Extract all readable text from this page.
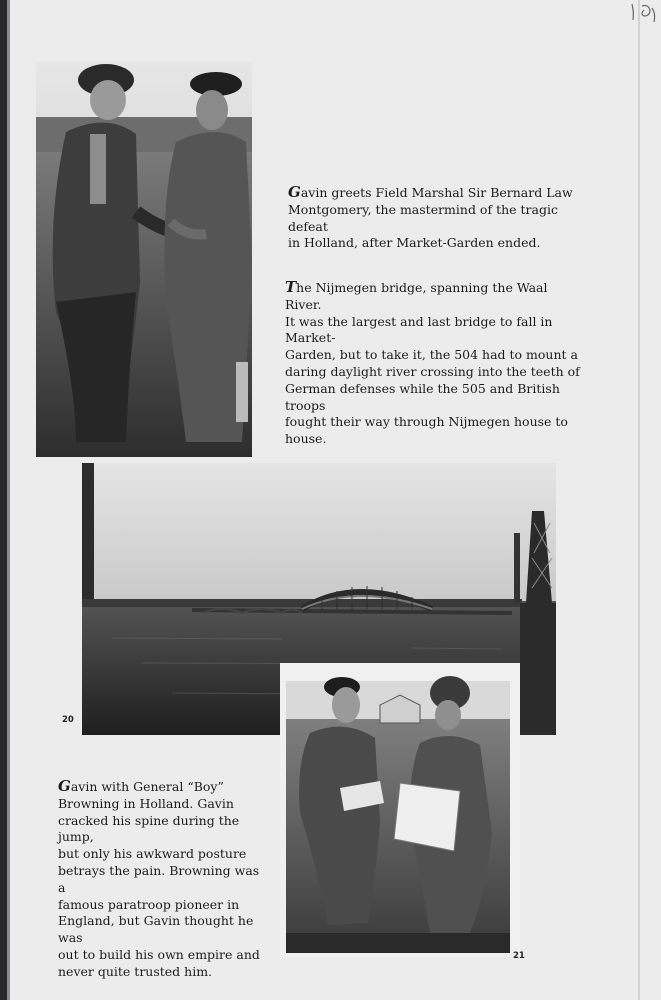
Gavin greets Field Marshal Sir Bernard Law
Montgomery, the mastermind of the tragic defeat
in Holland, after Market-Garden ended.
The Nijmegen bridge, spanning the Waal River.
It was the largest and last bridge to fall in Market-
Garden, but to take it, the 504 had to mount a
daring daylight river crossing into the teeth of
German defenses while the 505 and British troops
fought their way through Nijmegen house to
house.
Gavin with General “Boy”
Browning in Holland. Gavin
cracked his spine during the jump,
but only his awkward posture
betrays the pain. Browning was a
famous paratroop pioneer in
England, but Gavin thought he was
out to build his own empire and
never quite trusted him.
20
21
